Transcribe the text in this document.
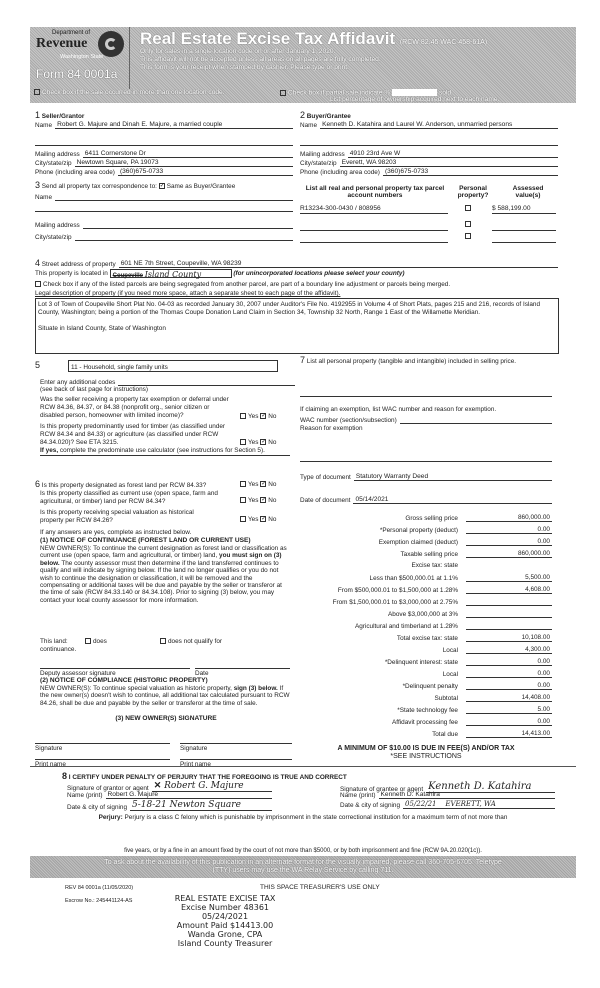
Department of
Revenue
Washington State
Form 84 0001a
Real Estate Excise Tax Affidavit (RCW 82.45 WAC 458-61A)
Only for sales in a single location code on or after January 1, 2020.
This affidavit will not be accepted unless all areas on all pages are fully completed.
This form is your receipt when stamped by cashier. Please type or print.
Check box if the sale occurred in more than one location code.	Check box if partial sale indicate %	sold.
List percentage of ownership acquired next to each name.
1 Seller/Grantor
Name Robert G. Majure and Dinah E. Majure, a married couple
Mailing address 6411 Cornerstone Dr
City/state/zip Newtown Square, PA 19073
Phone (including area code) (360)675-0733
2 Buyer/Grantee
Name Kenneth D. Katahira and Laurel W. Anderson, unmarried persons
Mailing address 4910 23rd Ave W
City/state/zip Everett, WA 98203
Phone (including area code) (360)675-0733
3 Send all property tax correspondence to: ✓ Same as Buyer/Grantee
Name

Mailing address

City/state/zip

List all real and personal property tax parcel account numbers
Personal property?
Assessed value(s)
R13234-300-0430 / 808956	$ 588,199.00
4
Street address of property 601 NE 7th Street, Coupeville, WA 98239
This property is located in Coupeville Island County	(for unincorporated locations please select your county)
Check box if any of the listed parcels are being segregated from another parcel, are part of a boundary line adjustment or parcels being merged.
Legal description of property (if you need more space, attach a separate sheet to each page of the affidavit).
Lot 3 of Town of Coupeville Short Plat No. 04-03 as recorded January 30, 2007 under Auditor's File No. 4192955 in Volume 4 of Short Plats, pages 215 and 216, records of Island County, Washington; being a portion of the Thomas Coupe Donation Land Claim in Section 34, Township 32 North, Range 1 East of the Willamette Meridian.
Situate in Island County, State of Washington
5	11 - Household, single family units
Enter any additional codes

(see back of last page for instructions)
Was the seller receiving a property tax exemption or deferral under RCW 84.36, 84.37, or 84.38 (nonprofit org., senior citizen or disabled person, homeowner with limited income)?	Yes ✓ No
Is this property predominantly used for timber (as classified under RCW 84.34 and 84.33) or agriculture (as classified under RCW 84.34.020)? See ETA 3215.	Yes ✓ No
If yes, complete the predominate use calculator (see instructions for Section 5).
6 Is this property designated as forest land per RCW 84.33?	Yes ✓ No
Is this property classified as current use (open space, farm and agricultural, or timber) land per RCW 84.34?	Yes ✓ No
Is this property receiving special valuation as historical property per RCW 84.26?	Yes ✓ No
If any answers are yes, complete as instructed below.
(1) NOTICE OF CONTINUANCE (FOREST LAND OR CURRENT USE)
NEW OWNER(S): To continue the current designation as forest land or classification as current use (open space, farm and agricultural, or timber) land, you must sign on (3) below. The county assessor must then determine if the land transferred continues to qualify and will indicate by signing below. If the land no longer qualifies or you do not wish to continue the designation or classification, it will be removed and the compensating or additional taxes will be due and payable by the seller or transferor at the time of sale (RCW 84.33.140 or 84.34.108). Prior to signing (3) below, you may contact your local county assessor for more information.
This land:	does	does not qualify for
continuance.
Deputy assessor signature	Date
(2) NOTICE OF COMPLIANCE (HISTORIC PROPERTY)
NEW OWNER(S): To continue special valuation as historic property, sign (3) below. If the new owner(s) doesn't wish to continue, all additional tax calculated pursuant to RCW 84.26, shall be due and payable by the seller or transferor at the time of sale.
(3) NEW OWNER(S) SIGNATURE
Signature	Signature
Print name	Print name
7 List all personal property (tangible and intangible) included in selling price.
If claiming an exemption, list WAC number and reason for exemption.
WAC number (section/subsection)

Reason for exemption
Type of document Statutory Warranty Deed
Date of document 05/14/2021
Gross selling price	860,000.00
*Personal property (deduct)	0.00
Exemption claimed (deduct)	0.00
Taxable selling price	860,000.00
Excise tax: state
Less than $500,000.01 at 1.1%	5,500.00
From $500,000.01 to $1,500,000 at 1.28%	4,608.00
From $1,500,000.01 to $3,000,000 at 2.75%

Above $3,000,000 at 3%

Agricultural and timberland at 1.28%

Total excise tax: state	10,108.00
Local	4,300.00
*Delinquent interest: state	0.00
Local	0.00
*Delinquent penalty	0.00
Subtotal	14,408.00
*State technology fee	5.00
Affidavit processing fee	0.00
Total due	14,413.00
A MINIMUM OF $10.00 IS DUE IN FEE(S) AND/OR TAX
*SEE INSTRUCTIONS
8 I CERTIFY UNDER PENALTY OF PERJURY THAT THE FOREGOING IS TRUE AND CORRECT
Signature of grantor or agent ✕ Robert G. Majure
Name (print) Robert G. Majure
Date & city of signing 5-18-21 Newton Square
Signature of grantee or agent Kenneth D. Katahira
Name (print) Kenneth D. Katahira
Date & city of signing 05/22/21 EVERETT, WA
Perjury: Perjury is a class C felony which is punishable by imprisonment in the state correctional institution for a maximum term of not more than
five years, or by a fine in an amount fixed by the court of not more than $5000, or by both imprisonment and fine (RCW 9A.20.020(1c)).
To ask about the availability of this publication in an alternate format for the visually impaired, please call 360-705-6705. Teletype
(TTY) users may use the WA Relay Service by calling 711.
REV 84 0001a (11/05/2020)	THIS SPACE TREASURER'S USE ONLY
Escrow No.: 245441124-AS	REAL ESTATE EXCISE TAX
Excise Number 48361
05/24/2021
Amount Paid $14413.00
Wanda Grone, CPA
Island County Treasurer
